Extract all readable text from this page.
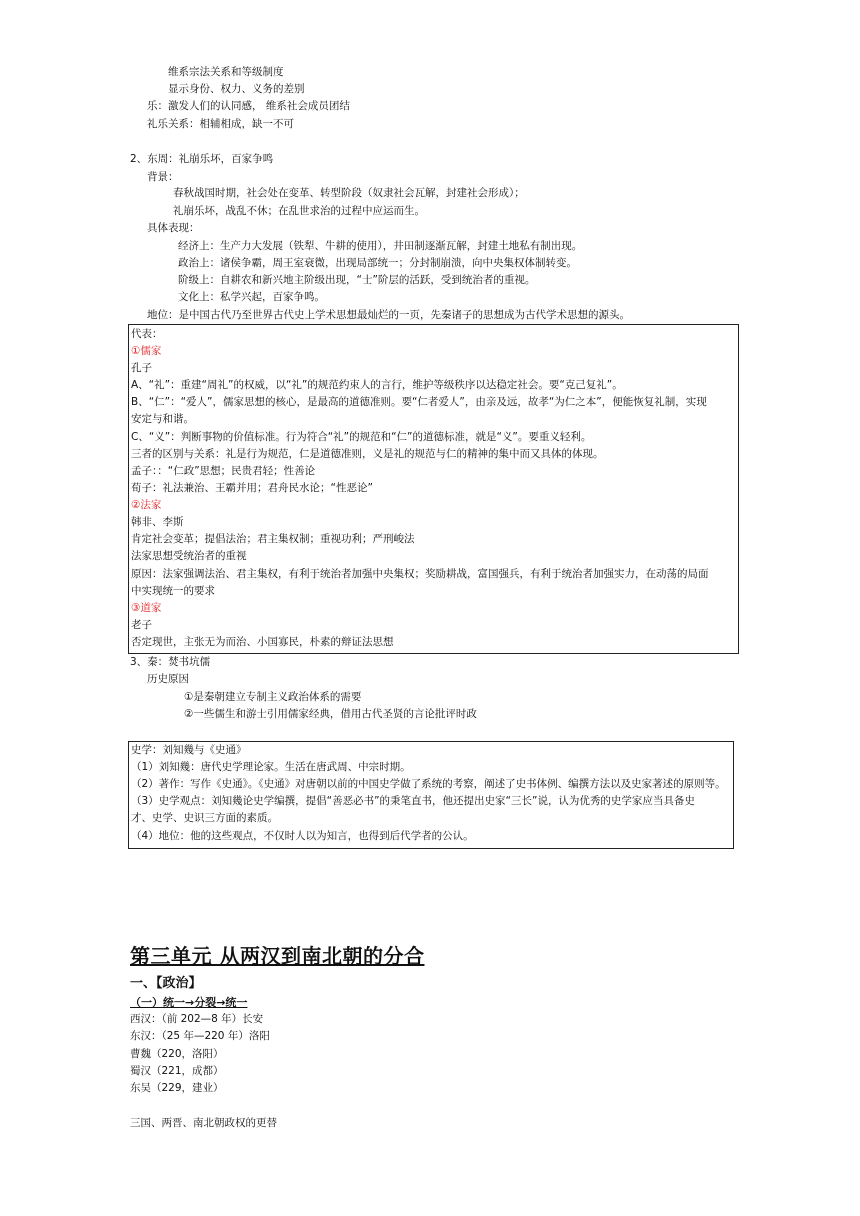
维系宗法关系和等级制度
显示身份、权力、义务的差别
乐：激发人们的认同感， 维系社会成员团结
礼乐关系：相辅相成，缺一不可
2、东周：礼崩乐坏，百家争鸣
背景：
春秋战国时期，社会处在变革、转型阶段（奴隶社会瓦解，封建社会形成）；
礼崩乐坏，战乱不休；在乱世求治的过程中应运而生。
具体表现：
经济上：生产力大发展（铁犁、牛耕的使用），井田制逐渐瓦解，封建土地私有制出现。
政治上：诸侯争霸，周王室衰微，出现局部统一；分封制崩溃，向中央集权体制转变。
阶级上：自耕农和新兴地主阶级出现，“士”阶层的活跃，受到统治者的重视。
文化上：私学兴起，百家争鸣。
地位：是中国古代乃至世界古代史上学术思想最灿烂的一页，先秦诸子的思想成为古代学术思想的源头。
代表：
①儒家
孔子
A、“礼”：重建“周礼”的权威，以“礼”的规范约束人的言行，维护等级秩序以达稳定社会。要“克己复礼”。
B、“仁”：“爱人”，儒家思想的核心，是最高的道德准则。要“仁者爱人”，由亲及远，故孝“为仁之本”，便能恢复礼制，实现
安定与和谐。
C、“义”：判断事物的价值标准。行为符合“礼”的规范和“仁”的道德标准，就是“义”。要重义轻利。
三者的区别与关系：礼是行为规范，仁是道德准则，义是礼的规范与仁的精神的集中而又具体的体现。
孟子：：“仁政”思想；民贵君轻；性善论
荀子：礼法兼治、王霸并用；君舟民水论；“性恶论”
②法家
韩非、李斯
肯定社会变革；提倡法治；君主集权制；重视功利；严刑峻法
法家思想受统治者的重视
原因：法家强调法治、君主集权，有利于统治者加强中央集权；奖励耕战，富国强兵，有利于统治者加强实力，在动荡的局面
中实现统一的要求
③道家
老子
否定现世，主张无为而治、小国寡民，朴素的辩证法思想
3、秦：焚书坑儒
历史原因
①是秦朝建立专制主义政治体系的需要
②一些儒生和游士引用儒家经典，借用古代圣贤的言论批评时政
史学：刘知幾与《史通》
（1）刘知幾：唐代史学理论家。生活在唐武周、中宗时期。
（2）著作：写作《史通》。《史通》对唐朝以前的中国史学做了系统的考察，阐述了史书体例、编撰方法以及史家著述的原则等。
（3）史学观点：刘知幾论史学编撰，提倡“善恶必书”的秉笔直书，他还提出史家“三长”说，认为优秀的史学家应当具备史
才、史学、史识三方面的素质。
（4）地位：他的这些观点，不仅时人以为知言，也得到后代学者的公认。
第三单元 从两汉到南北朝的分合
一、【政治】
（一）统一→分裂→统一
西汉：（前 202—8 年）长安
东汉：（25 年—220 年）洛阳
曹魏（220，洛阳）
蜀汉（221，成都）
东吴（229，建业）
三国、两晋、南北朝政权的更替
